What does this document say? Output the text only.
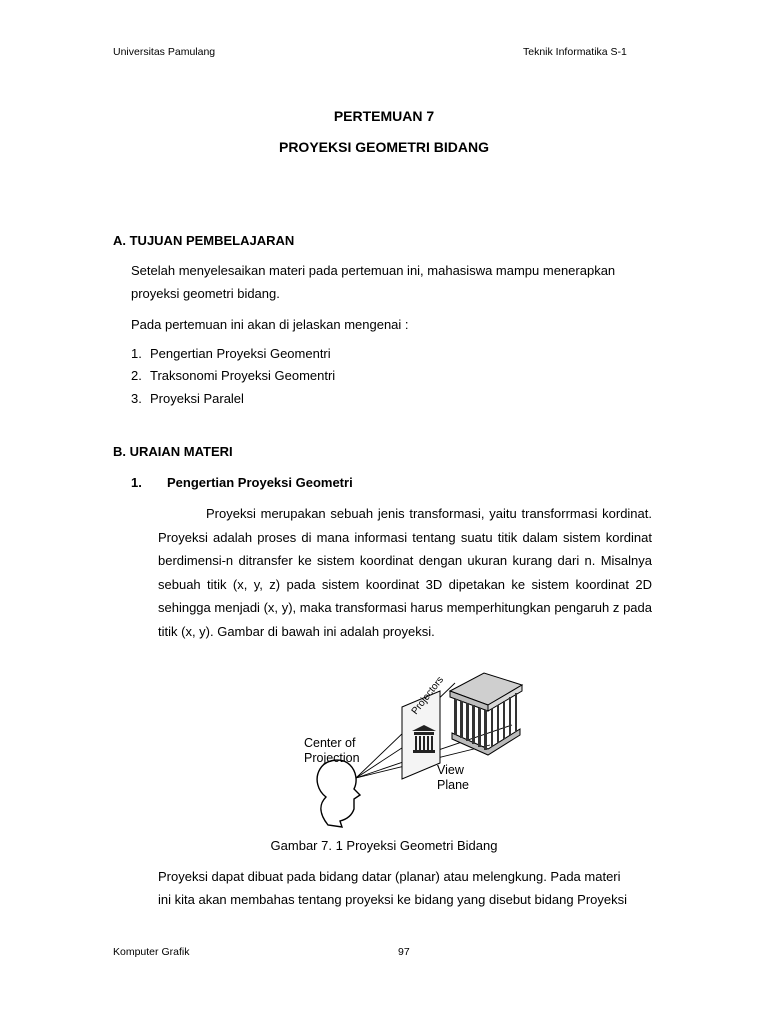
Universitas Pamulang	Teknik Informatika S-1
PERTEMUAN 7
PROYEKSI GEOMETRI BIDANG
A. TUJUAN PEMBELAJARAN
Setelah menyelesaikan materi pada pertemuan ini, mahasiswa mampu menerapkan
proyeksi geometri bidang.
Pada pertemuan ini akan di jelaskan mengenai :
1. Pengertian Proyeksi Geomentri
2. Traksonomi Proyeksi Geomentri
3. Proyeksi Paralel
B. URAIAN MATERI
1. Pengertian Proyeksi Geometri
Proyeksi merupakan sebuah jenis transformasi, yaitu transforrmasi kordinat. Proyeksi adalah proses di mana informasi tentang suatu titik dalam sistem kordinat berdimensi-n ditransfer ke sistem koordinat dengan ukuran kurang dari n. Misalnya sebuah titik (x, y, z) pada sistem koordinat 3D dipetakan ke sistem koordinat 2D sehingga menjadi (x, y), maka transformasi harus memperhitungkan pengaruh z pada titik (x, y). Gambar di bawah ini adalah proyeksi.
Projectors
Center of
Projection
View
Plane
Gambar 7. 1 Proyeksi Geometri Bidang
Proyeksi dapat dibuat pada bidang datar (planar) atau melengkung. Pada materi
ini kita akan membahas tentang proyeksi ke bidang yang disebut bidang Proyeksi
Komputer Grafik	97
